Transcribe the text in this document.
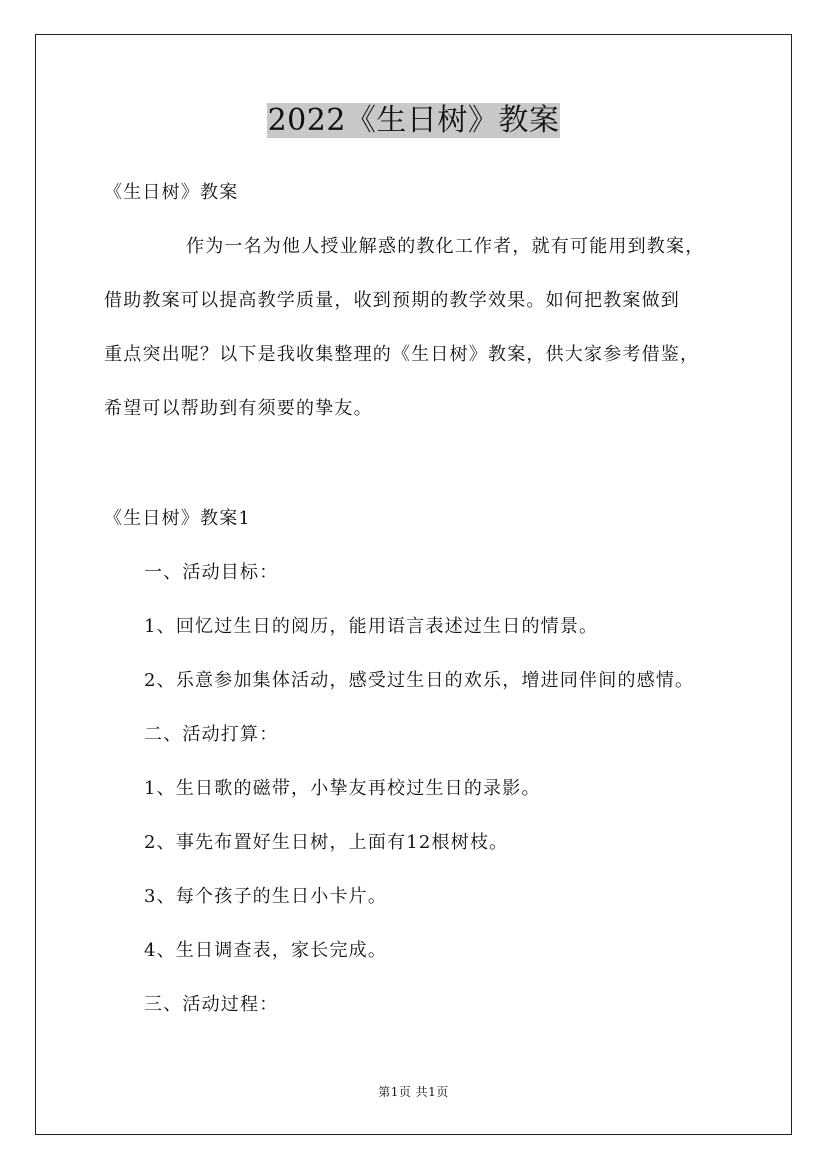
2022《生日树》教案
《生日树》教案
作为一名为他人授业解惑的教化工作者，就有可能用到教案，
借助教案可以提高教学质量，收到预期的教学效果。如何把教案做到
重点突出呢？以下是我收集整理的《生日树》教案，供大家参考借鉴，
希望可以帮助到有须要的挚友。
《生日树》教案1
一、活动目标：
1、回忆过生日的阅历，能用语言表述过生日的情景。
2、乐意参加集体活动，感受过生日的欢乐，增进同伴间的感情。
二、活动打算：
1、生日歌的磁带，小挚友再校过生日的录影。
2、事先布置好生日树，上面有12根树枝。
3、每个孩子的生日小卡片。
4、生日调查表，家长完成。
三、活动过程：
第1页 共1页
